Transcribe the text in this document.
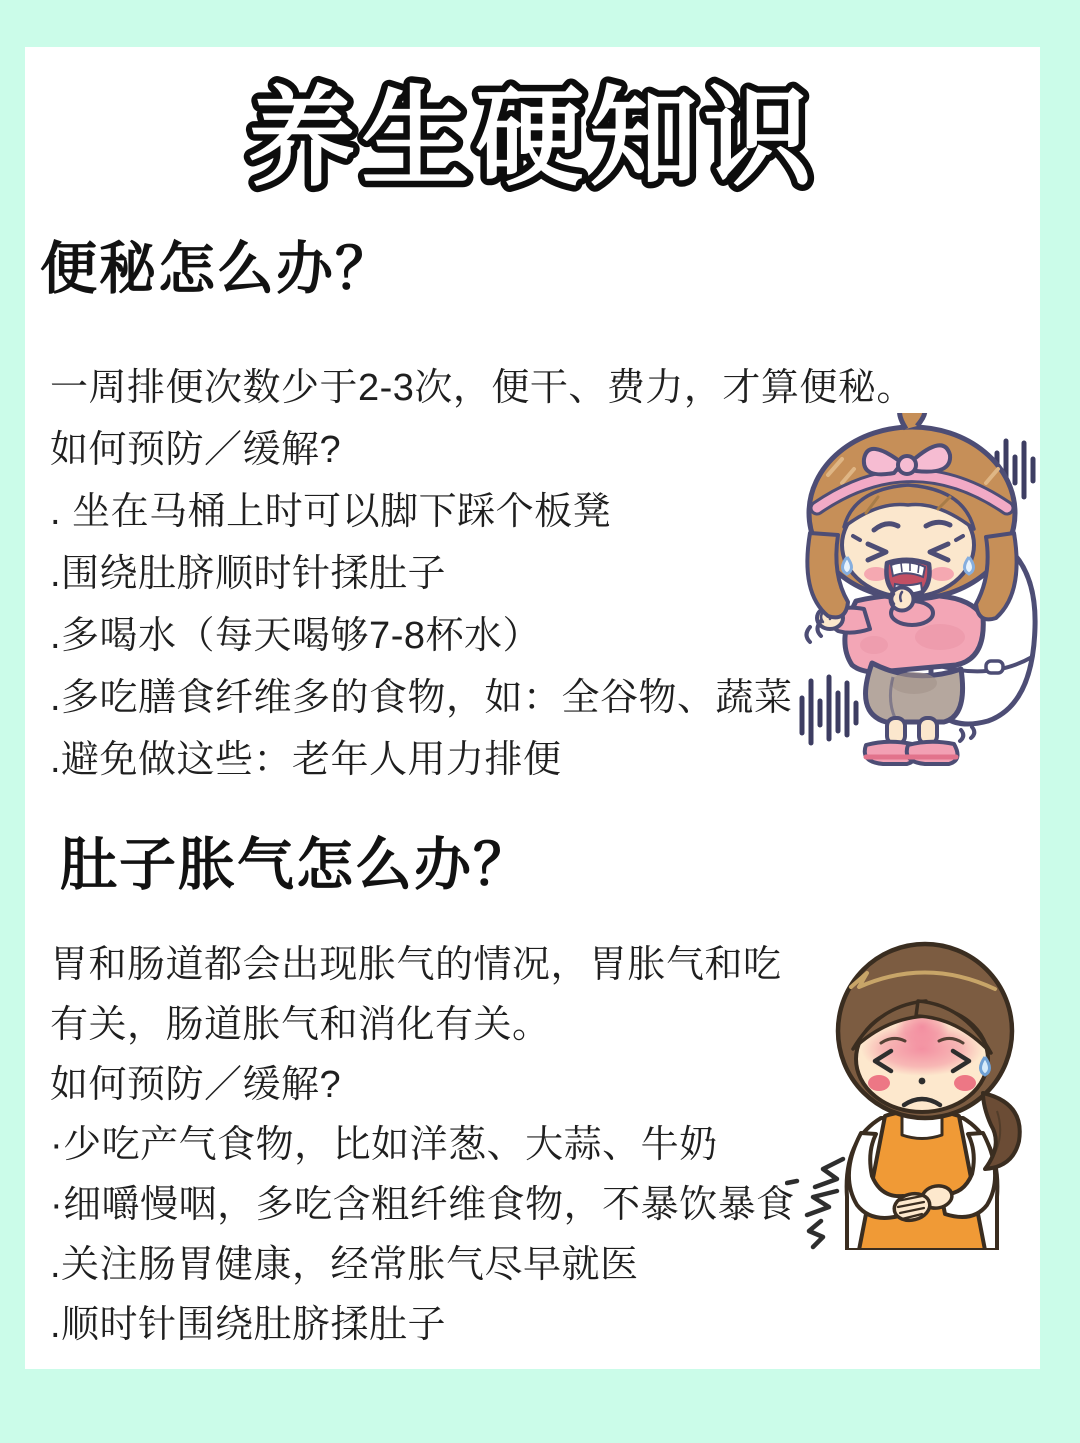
养生硬知识
便秘怎么办？
一周排便次数少于2-3次，便干、费力，才算便秘。
如何预防／缓解?
. 坐在马桶上时可以脚下踩个板凳
.围绕肚脐顺时针揉肚子
.多喝水（每天喝够7-8杯水）
.多吃膳食纤维多的食物，如：全谷物、蔬菜
.避免做这些：老年人用力排便
肚子胀气怎么办？
胃和肠道都会出现胀气的情况，胃胀气和吃
有关，肠道胀气和消化有关。
如何预防／缓解?
·少吃产气食物，比如洋葱、大蒜、牛奶
·细嚼慢咽，多吃含粗纤维食物，不暴饮暴食
.关注肠胃健康，经常胀气尽早就医
.顺时针围绕肚脐揉肚子
